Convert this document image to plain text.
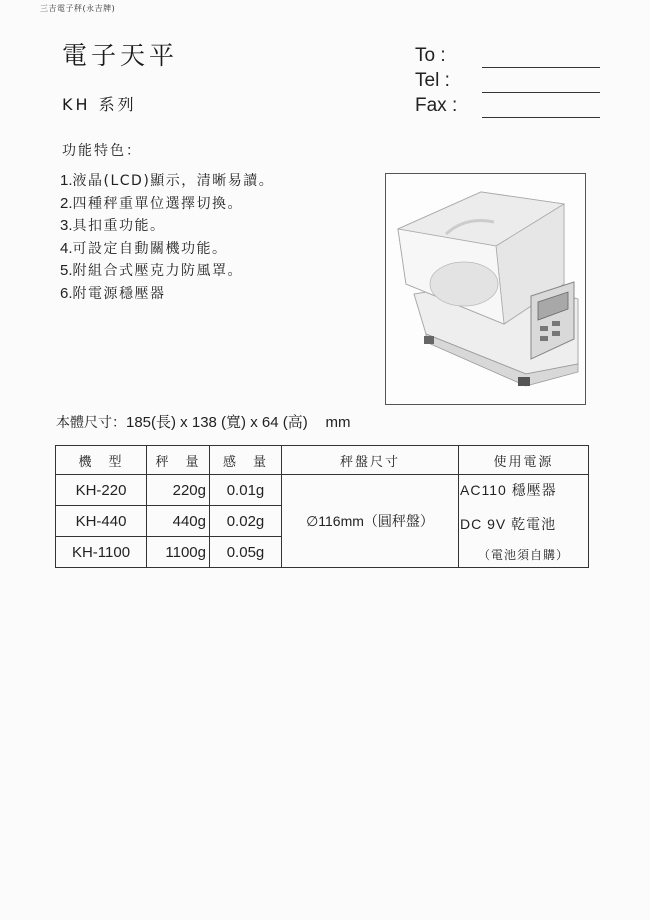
三吉電子秤(永吉牌)
電子天平
KH 系列
To :
Tel :
Fax :
功能特色：
1.液晶(LCD)顯示，清晰易讀。
2.四種秤重單位選擇切換。
3.具扣重功能。
4.可設定自動關機功能。
5.附組合式壓克力防風罩。
6.附電源穩壓器
本體尺寸：185(長) x 138 (寬) x 64 (高) mm
機　型	秤　量	感　量	秤盤尺寸	使用電源
KH-220	220g	0.01g	∅116mm（圓秤盤）	AC110 穩壓器
DC 9V 乾電池
（電池須自購）

KH-440	440g	0.02g		
KH-1100	1100g	0.05g		
